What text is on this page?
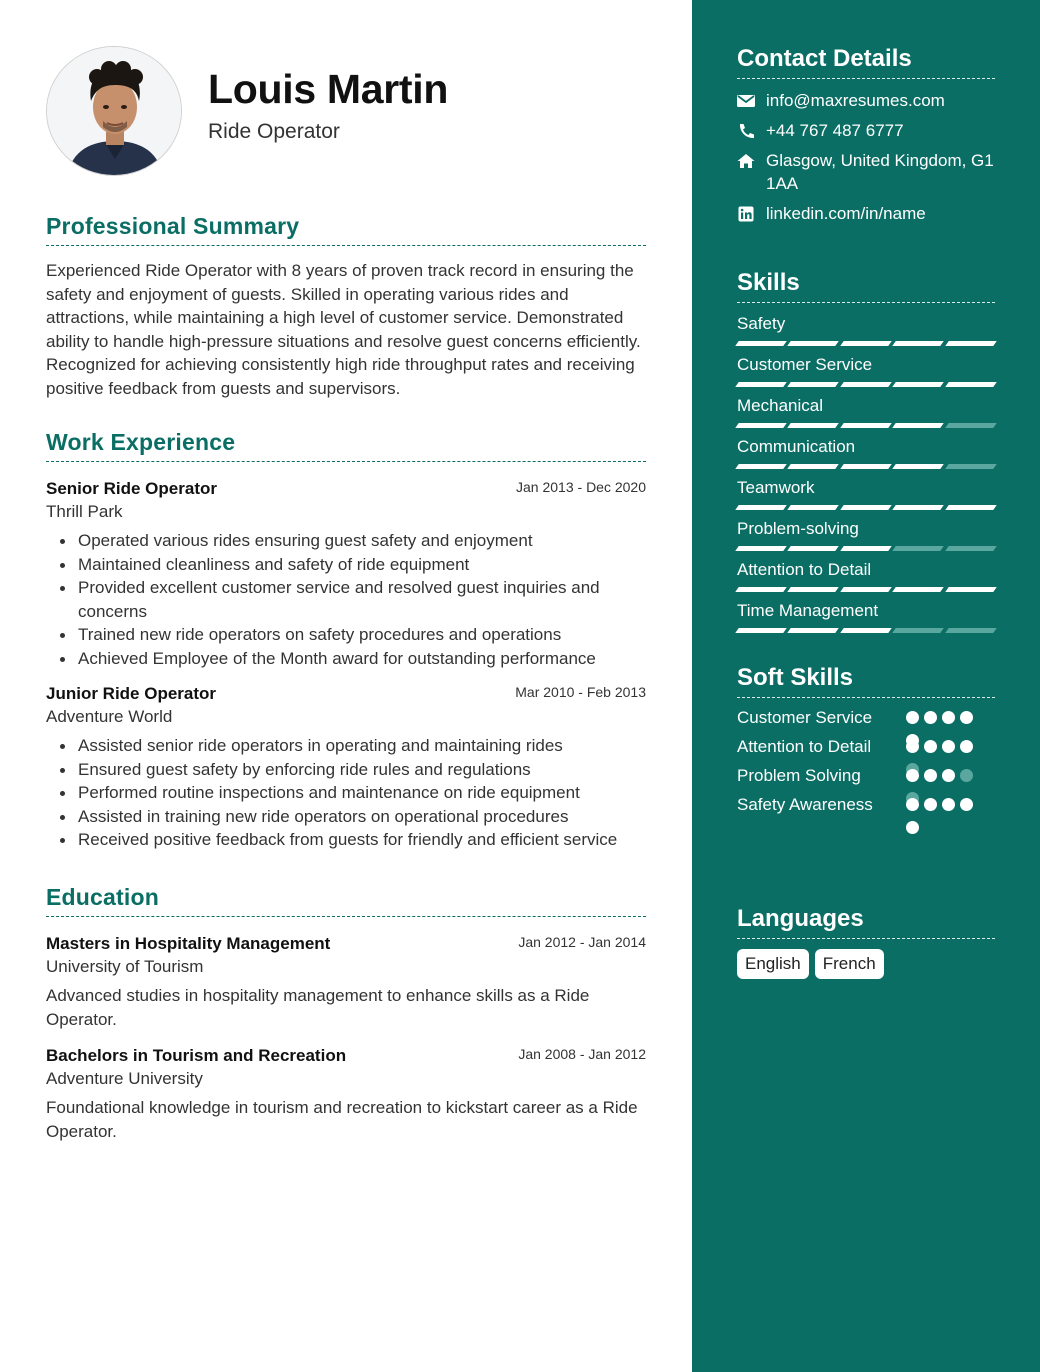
Louis Martin
Ride Operator
Professional Summary

Experienced Ride Operator with 8 years of proven track record in ensuring the safety and enjoyment of guests. Skilled in operating various rides and attractions, while maintaining a high level of customer service. Demonstrated ability to handle high-pressure situations and resolve guest concerns efficiently. Recognized for achieving consistently high ride throughput rates and receiving positive feedback from guests and supervisors.

Work Experience
Senior Ride Operator	Jan 2013 - Dec 2020
Thrill Park
Operated various rides ensuring guest safety and enjoyment
Maintained cleanliness and safety of ride equipment
Provided excellent customer service and resolved guest inquiries and concerns
Trained new ride operators on safety procedures and operations
Achieved Employee of the Month award for outstanding performance
Junior Ride Operator	Mar 2010 - Feb 2013
Adventure World
Assisted senior ride operators in operating and maintaining rides
Ensured guest safety by enforcing ride rules and regulations
Performed routine inspections and maintenance on ride equipment
Assisted in training new ride operators on operational procedures
Received positive feedback from guests for friendly and efficient service
Education
Masters in Hospitality Management	Jan 2012 - Jan 2014
University of Tourism

Advanced studies in hospitality management to enhance skills as a Ride Operator.

Bachelors in Tourism and Recreation	Jan 2008 - Jan 2012
Adventure University

Foundational knowledge in tourism and recreation to kickstart career as a Ride Operator.

Contact Details
info@maxresumes.com
+44 767 487 6777
Glasgow, United Kingdom, G1 1AA
linkedin.com/in/name
Skills
Safety
Customer Service
Mechanical
Communication
Teamwork
Problem-solving
Attention to Detail
Time Management
Soft Skills
Customer Service
Attention to Detail
Problem Solving
Safety Awareness
Languages
English	French
